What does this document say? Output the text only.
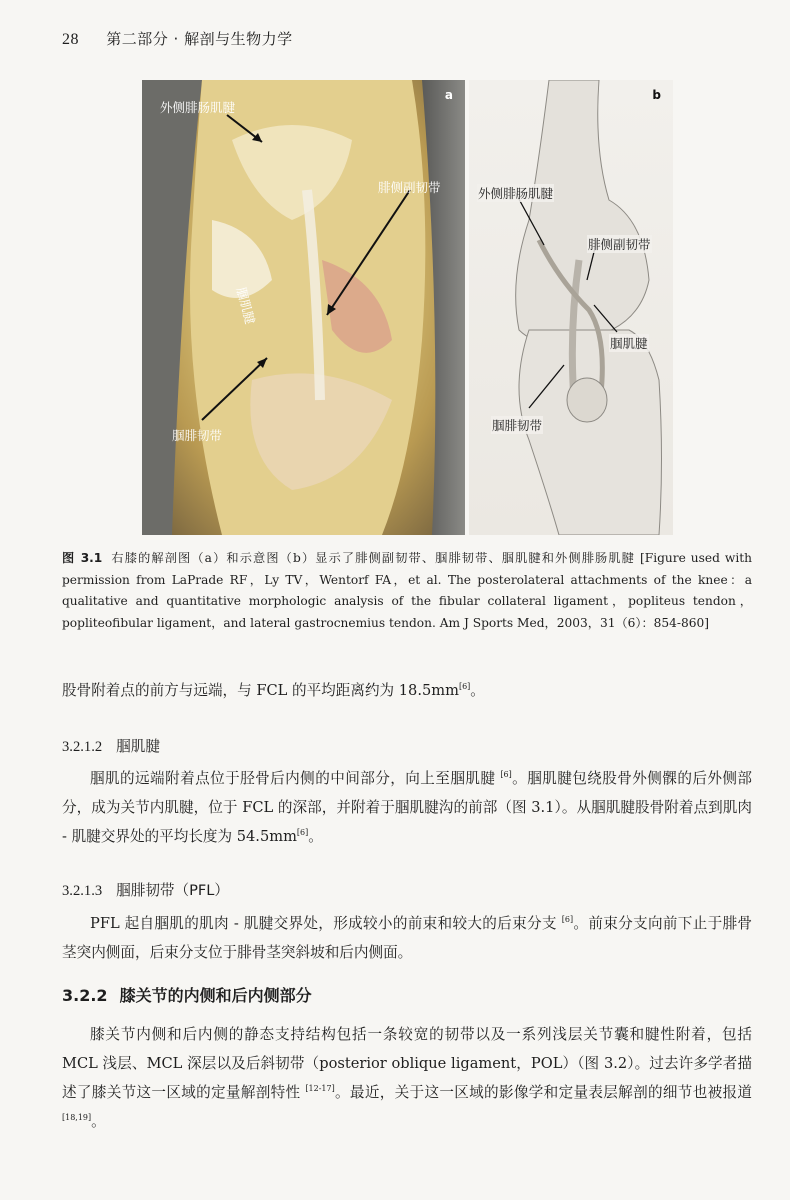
28 第二部分 · 解剖与生物力学
a
外侧腓肠肌腱
腓侧副韧带
腘肌腱
腘腓韧带
b
外侧腓肠肌腱
腓侧副韧带
腘肌腱
腘腓韧带
图 3.1 右膝的解剖图（a）和示意图（b）显示了腓侧副韧带、腘腓韧带、腘肌腱和外侧腓肠肌腱 [Figure used with permission from LaPrade RF，Ly TV，Wentorf FA，et al. The posterolateral attachments of the knee：a qualitative and quantitative morphologic analysis of the fibular collateral ligament，popliteus tendon，popliteofibular ligament，and lateral gastrocnemius tendon. Am J Sports Med，2003，31（6）：854-860]
股骨附着点的前方与远端，与 FCL 的平均距离约为 18.5mm[6]。
3.2.1.2 腘肌腱
腘肌的远端附着点位于胫骨后内侧的中间部分，向上至腘肌腱 [6]。腘肌腱包绕股骨外侧髁的后外侧部分，成为关节内肌腱，位于 FCL 的深部，并附着于腘肌腱沟的前部（图 3.1）。从腘肌腱股骨附着点到肌肉 - 肌腱交界处的平均长度为 54.5mm[6]。
3.2.1.3 腘腓韧带（PFL）
PFL 起自腘肌的肌肉 - 肌腱交界处，形成较小的前束和较大的后束分支 [6]。前束分支向前下止于腓骨茎突内侧面，后束分支位于腓骨茎突斜坡和后内侧面。
3.2.2 膝关节的内侧和后内侧部分
膝关节内侧和后内侧的静态支持结构包括一条较宽的韧带以及一系列浅层关节囊和腱性附着，包括 MCL 浅层、MCL 深层以及后斜韧带（posterior oblique ligament，POL）（图 3.2）。过去许多学者描述了膝关节这一区域的定量解剖特性 [12-17]。最近，关于这一区域的影像学和定量表层解剖的细节也被报道 [18,19]。
